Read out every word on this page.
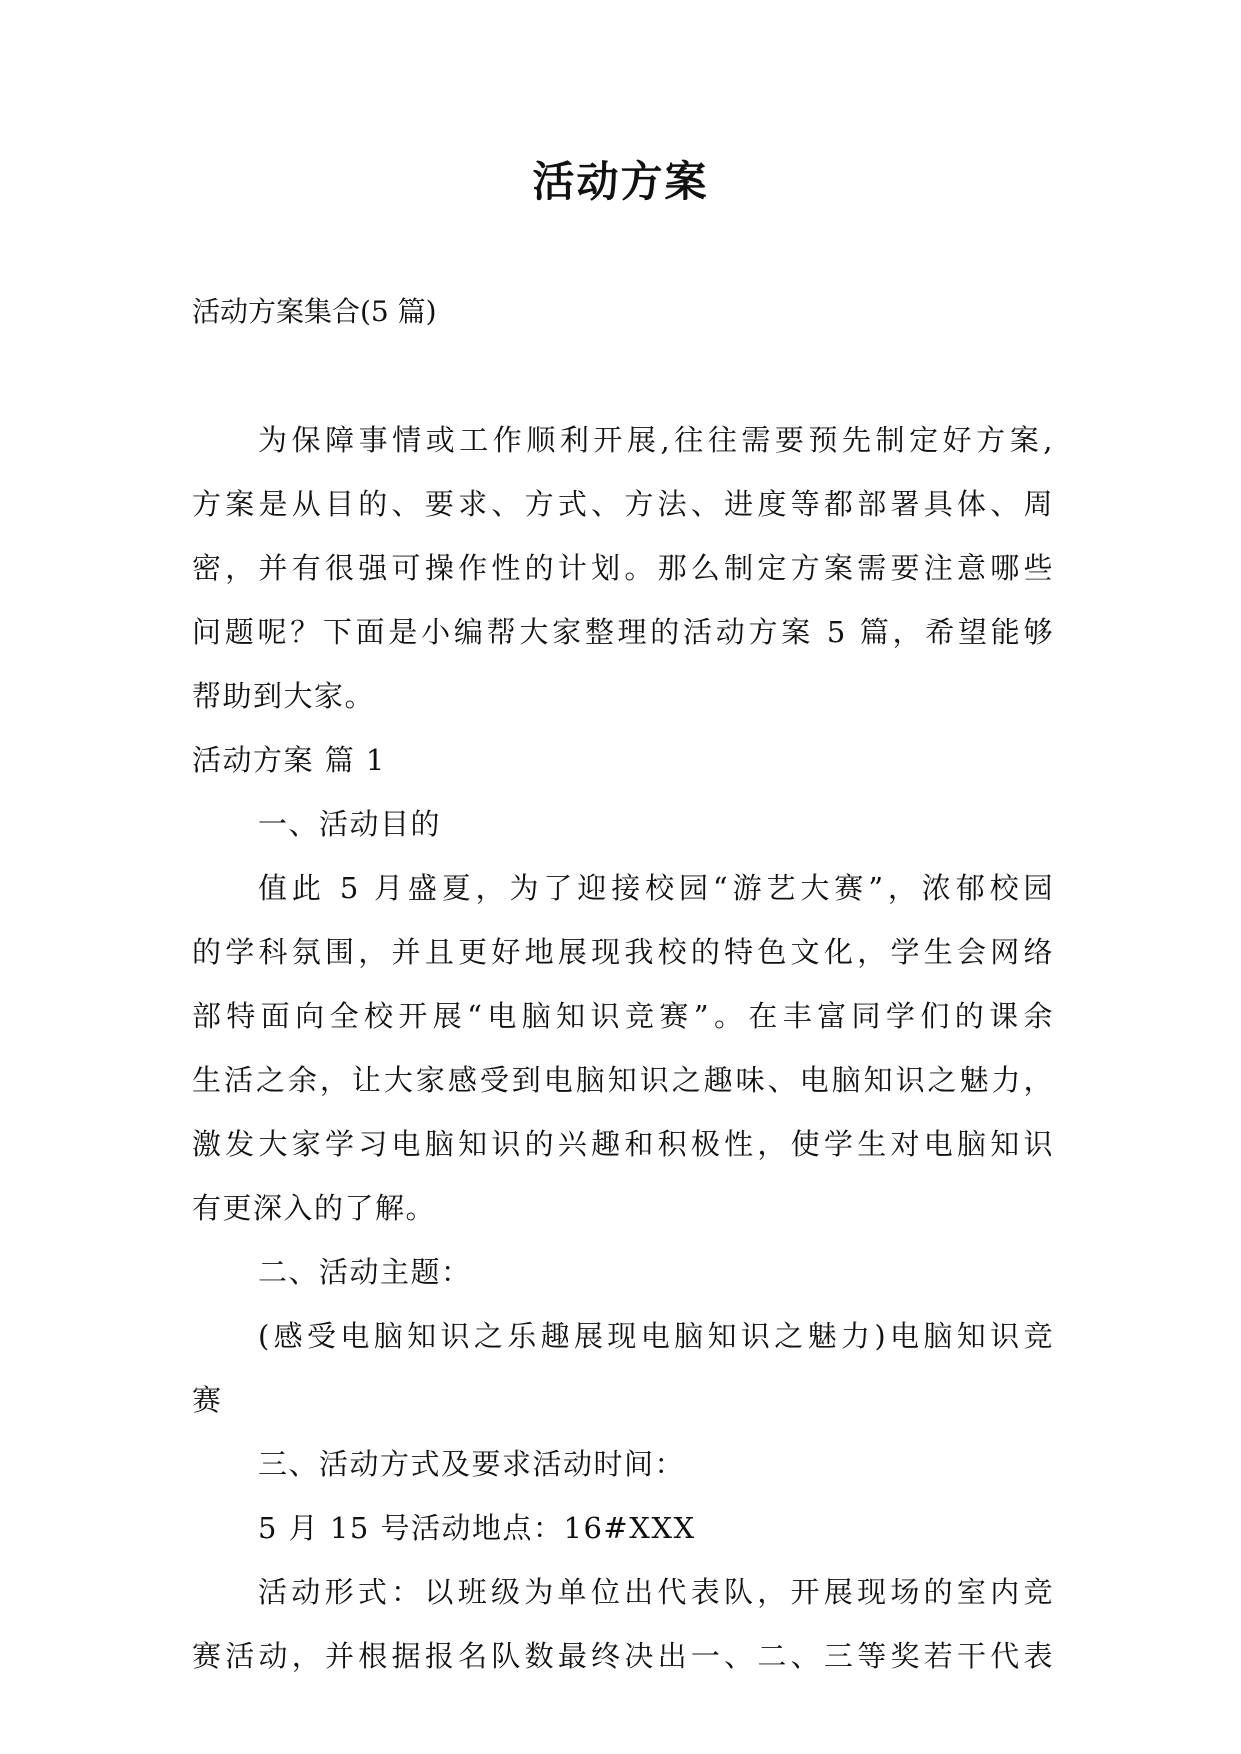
活动方案
活动方案集合(5 篇)
为保障事情或工作顺利开展,往往需要预先制定好方案,
方案是从目的、要求、方式、方法、进度等都部署具体、周
密，并有很强可操作性的计划。那么制定方案需要注意哪些
问题呢？下面是小编帮大家整理的活动方案 5 篇，希望能够
帮助到大家。
活动方案 篇 1
一、活动目的
值此 5 月盛夏，为了迎接校园“游艺大赛”，浓郁校园
的学科氛围，并且更好地展现我校的特色文化，学生会网络
部特面向全校开展“电脑知识竞赛”。在丰富同学们的课余
生活之余，让大家感受到电脑知识之趣味、电脑知识之魅力，
激发大家学习电脑知识的兴趣和积极性，使学生对电脑知识
有更深入的了解。
二、活动主题：
(感受电脑知识之乐趣展现电脑知识之魅力)电脑知识竞
赛
三、活动方式及要求活动时间：
5 月 15 号活动地点：16#XXX
活动形式：以班级为单位出代表队，开展现场的室内竞
赛活动，并根据报名队数最终决出一、二、三等奖若干代表
